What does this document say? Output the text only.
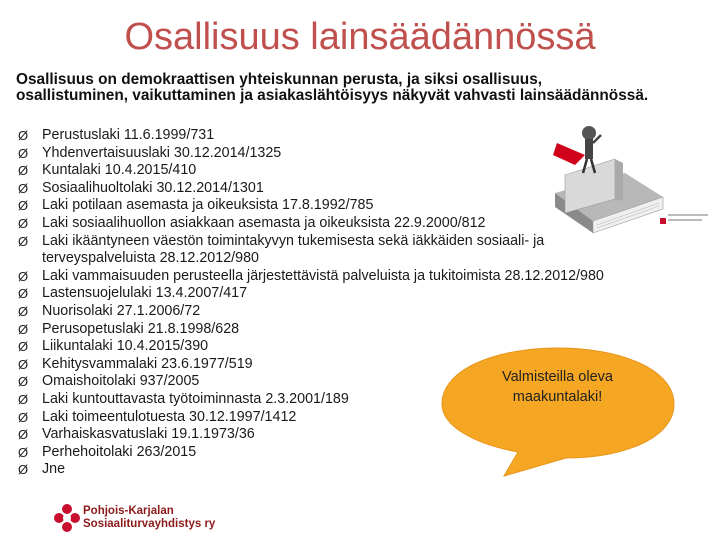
Osallisuus lainsäädännössä
Osallisuus on demokraattisen yhteiskunnan perusta, ja siksi osallisuus, osallistuminen, vaikuttaminen ja asiakaslähtöisyys näkyvät vahvasti lainsäädännössä.
Ø Perustuslaki 11.6.1999/731
Ø Yhdenvertaisuuslaki 30.12.2014/1325
Ø Kuntalaki 10.4.2015/410
Ø Sosiaalihuoltolaki 30.12.2014/1301
Ø Laki potilaan asemasta ja oikeuksista 17.8.1992/785
Ø Laki sosiaalihuollon asiakkaan asemasta ja oikeuksista 22.9.2000/812
Ø Laki ikääntyneen väestön toimintakyvyn tukemisesta sekä iäkkäiden sosiaali- ja terveyspalveluista 28.12.2012/980
Ø Laki vammaisuuden perusteella järjestettävistä palveluista ja tukitoimista 28.12.2012/980
Ø Lastensuojelulaki 13.4.2007/417
Ø Nuorisolaki 27.1.2006/72
Ø Perusopetuslaki 21.8.1998/628
Ø Liikuntalaki 10.4.2015/390
Ø Kehitysvammalaki 23.6.1977/519
Ø Omaishoitolaki 937/2005
Ø Laki kuntouttavasta työtoiminnasta 2.3.2001/189
Ø Laki toimeentulotuesta 30.12.1997/1412
Ø Varhaiskasvatuslaki 19.1.1973/36
Ø Perhehoitolaki 263/2015
Ø Jne
Valmisteilla oleva
maakuntalaki!
Pohjois-Karjalan
Sosiaaliturvayhdistys ry
